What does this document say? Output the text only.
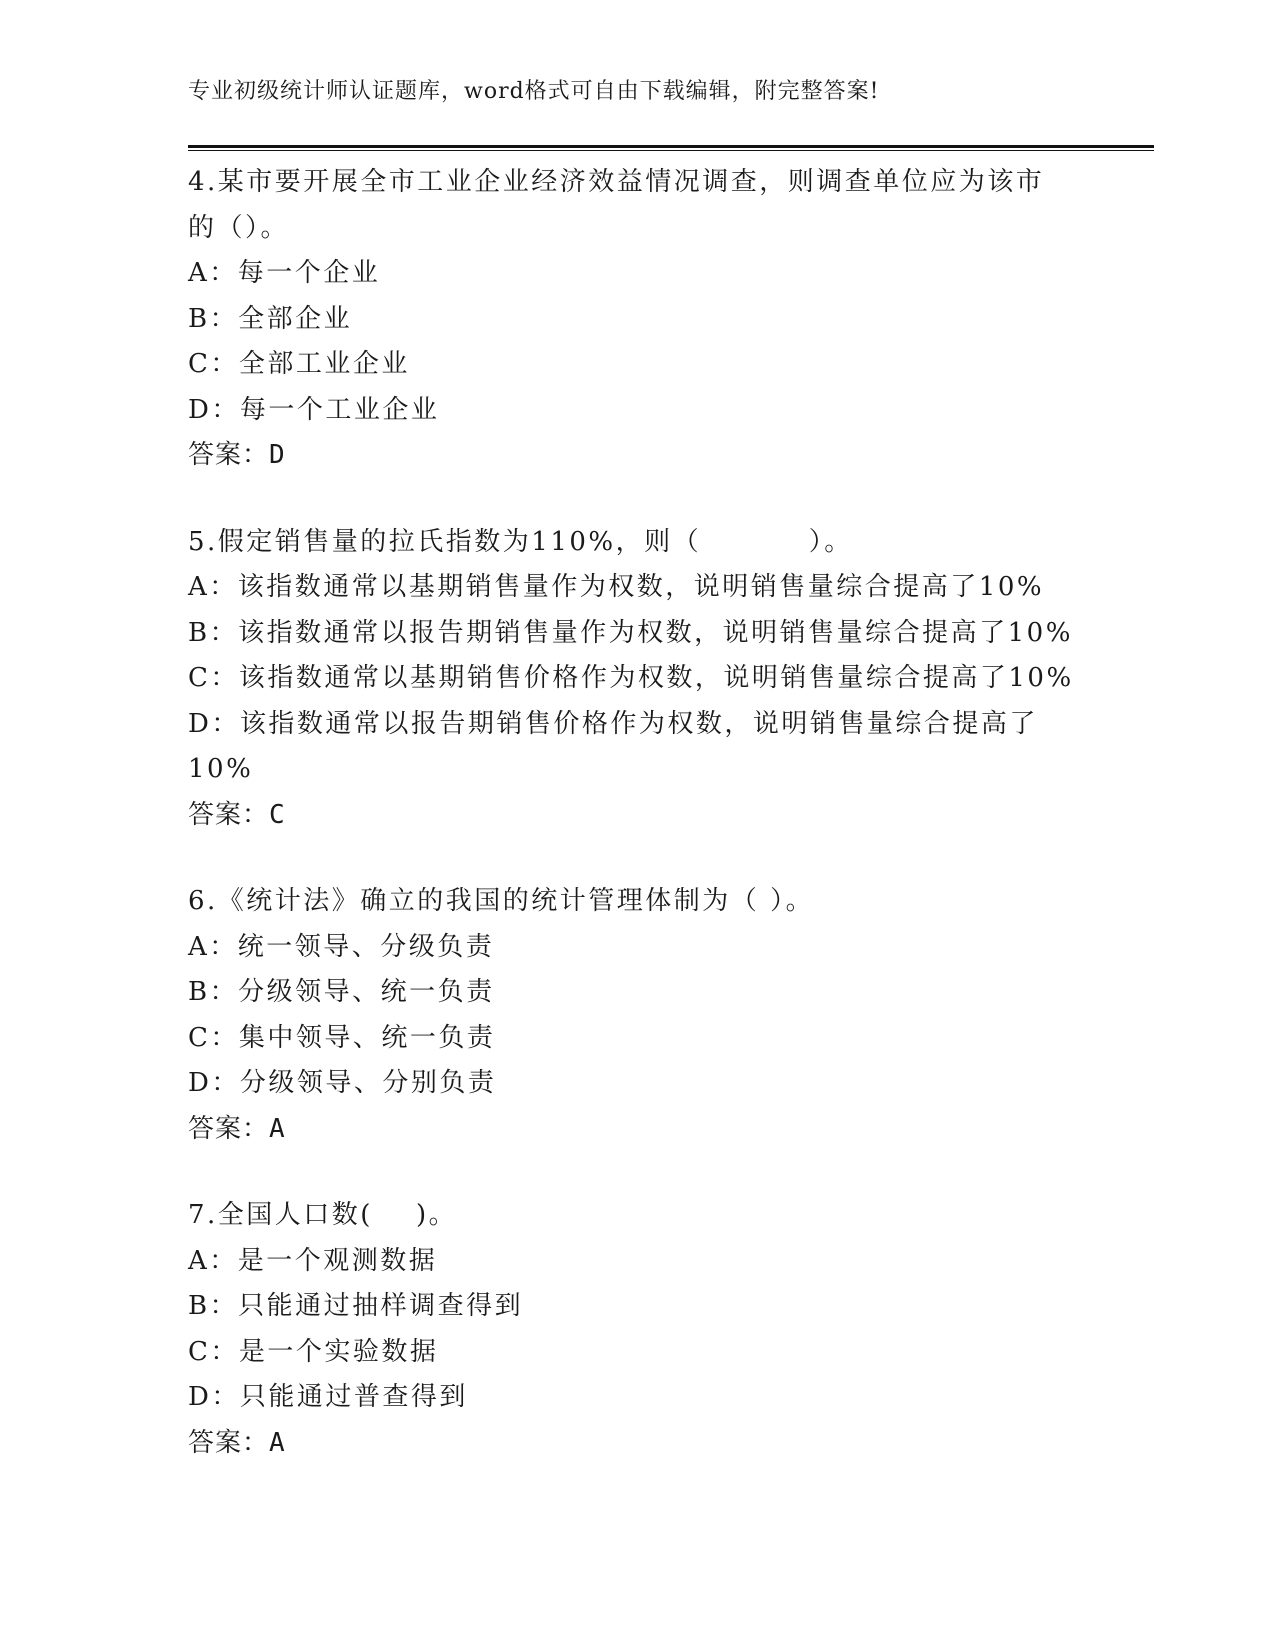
专业初级统计师认证题库，word格式可自由下载编辑，附完整答案!

4.某市要开展全市工业企业经济效益情况调查，则调查单位应为该市

的（）。

A：每一个企业

B：全部企业

C：全部工业企业

D：每一个工业企业

答案：D

5.假定销售量的拉氏指数为110%，则（          ）。

A：该指数通常以基期销售量作为权数，说明销售量综合提高了10%

B：该指数通常以报告期销售量作为权数，说明销售量综合提高了10%

C：该指数通常以基期销售价格作为权数，说明销售量综合提高了10%

D：该指数通常以报告期销售价格作为权数，说明销售量综合提高了

10%

答案：C

6.《统计法》确立的我国的统计管理体制为（ ）。

A：统一领导、分级负责

B：分级领导、统一负责

C：集中领导、统一负责

D：分级领导、分别负责

答案：A

7.全国人口数(    )。

A：是一个观测数据

B：只能通过抽样调查得到

C：是一个实验数据

D：只能通过普查得到

答案：A
